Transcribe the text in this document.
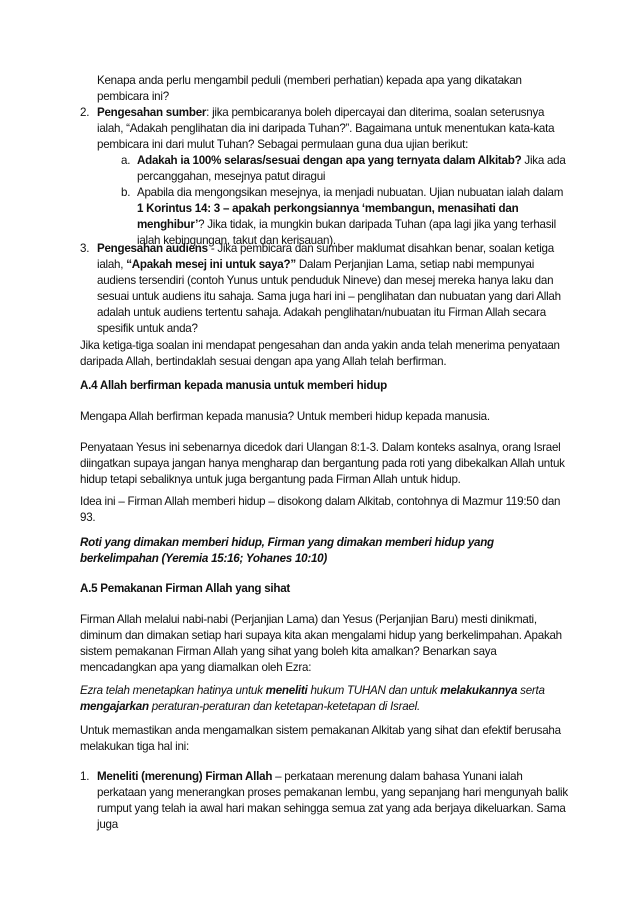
Kenapa anda perlu mengambil peduli (memberi perhatian) kepada apa yang dikatakan pembicara ini?

2. Pengesahan sumber: jika pembicaranya boleh dipercayai dan diterima, soalan seterusnya ialah, “Adakah penglihatan dia ini daripada Tuhan?”. Bagaimana untuk menentukan kata-kata pembicara ini dari mulut Tuhan? Sebagai permulaan guna dua ujian berikut:

a. Adakah ia 100% selaras/sesuai dengan apa yang ternyata dalam Alkitab? Jika ada percanggahan, mesejnya patut diragui

b. Apabila dia mengongsikan mesejnya, ia menjadi nubuatan. Ujian nubuatan ialah dalam 1 Korintus 14: 3 – apakah perkongsiannya ‘membangun, menasihati dan menghibur’? Jika tidak, ia mungkin bukan daripada Tuhan (apa lagi jika yang terhasil ialah kebingungan, takut dan kerisauan).

3. Pengesahan audiens - Jika pembicara dan sumber maklumat disahkan benar, soalan ketiga ialah, “Apakah mesej ini untuk saya?” Dalam Perjanjian Lama, setiap nabi mempunyai audiens tersendiri (contoh Yunus untuk penduduk Nineve) dan mesej mereka hanya laku dan sesuai untuk audiens itu sahaja. Sama juga hari ini – penglihatan dan nubuatan yang dari Allah adalah untuk audiens tertentu sahaja. Adakah penglihatan/nubuatan itu Firman Allah secara spesifik untuk anda?

Jika ketiga-tiga soalan ini mendapat pengesahan dan anda yakin anda telah menerima penyataan daripada Allah, bertindaklah sesuai dengan apa yang Allah telah berfirman.

A.4 Allah berfirman kepada manusia untuk memberi hidup

Mengapa Allah berfirman kepada manusia? Untuk memberi hidup kepada manusia.

Penyataan Yesus ini sebenarnya dicedok dari Ulangan 8:1-3. Dalam konteks asalnya, orang Israel diingatkan supaya jangan hanya mengharap dan bergantung pada roti yang dibekalkan Allah untuk hidup tetapi sebaliknya untuk juga bergantung pada Firman Allah untuk hidup.

Idea ini – Firman Allah memberi hidup – disokong dalam Alkitab, contohnya di Mazmur 119:50 dan 93.

Roti yang dimakan memberi hidup, Firman yang dimakan memberi hidup yang berkelimpahan (Yeremia 15:16; Yohanes 10:10)

A.5 Pemakanan Firman Allah yang sihat

Firman Allah melalui nabi-nabi (Perjanjian Lama) dan Yesus (Perjanjian Baru) mesti dinikmati, diminum dan dimakan setiap hari supaya kita akan mengalami hidup yang berkelimpahan. Apakah sistem pemakanan Firman Allah yang sihat yang boleh kita amalkan? Benarkan saya mencadangkan apa yang diamalkan oleh Ezra:

Ezra telah menetapkan hatinya untuk meneliti hukum TUHAN dan untuk melakukannya serta mengajarkan peraturan-peraturan dan ketetapan-ketetapan di Israel.

Untuk memastikan anda mengamalkan sistem pemakanan Alkitab yang sihat dan efektif berusaha melakukan tiga hal ini:

1. Meneliti (merenung) Firman Allah – perkataan merenung dalam bahasa Yunani ialah perkataan yang menerangkan proses pemakanan lembu, yang sepanjang hari mengunyah balik rumput yang telah ia awal hari makan sehingga semua zat yang ada berjaya dikeluarkan. Sama juga
